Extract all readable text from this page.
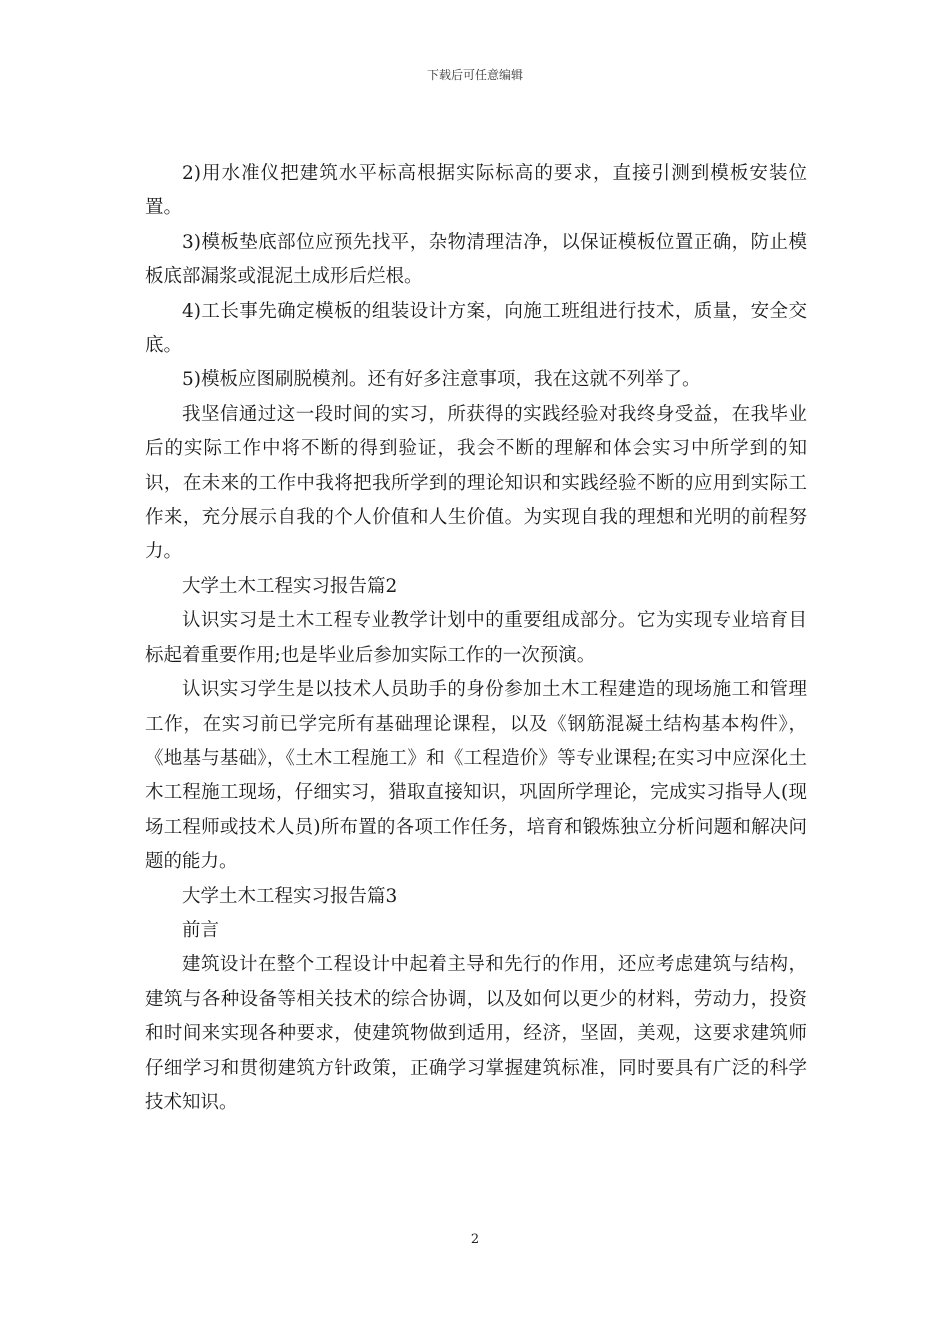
下载后可任意编辑

2)用水准仪把建筑水平标高根据实际标高的要求，直接引测到模板安装位置。

3)模板垫底部位应预先找平，杂物清理洁净，以保证模板位置正确，防止模板底部漏浆或混泥土成形后烂根。

4)工长事先确定模板的组装设计方案，向施工班组进行技术，质量，安全交底。

5)模板应图刷脱模剂。还有好多注意事项，我在这就不列举了。

我坚信通过这一段时间的实习，所获得的实践经验对我终身受益，在我毕业后的实际工作中将不断的得到验证，我会不断的理解和体会实习中所学到的知识，在未来的工作中我将把我所学到的理论知识和实践经验不断的应用到实际工作来，充分展示自我的个人价值和人生价值。为实现自我的理想和光明的前程努力。

大学土木工程实习报告篇2

认识实习是土木工程专业教学计划中的重要组成部分。它为实现专业培育目标起着重要作用;也是毕业后参加实际工作的一次预演。

认识实习学生是以技术人员助手的身份参加土木工程建造的现场施工和管理工作，在实习前已学完所有基础理论课程，以及《钢筋混凝土结构基本构件》，《地基与基础》，《土木工程施工》和《工程造价》等专业课程;在实习中应深化土木工程施工现场，仔细实习，猎取直接知识，巩固所学理论，完成实习指导人(现场工程师或技术人员)所布置的各项工作任务，培育和锻炼独立分析问题和解决问题的能力。

大学土木工程实习报告篇3

前言

建筑设计在整个工程设计中起着主导和先行的作用，还应考虑建筑与结构，建筑与各种设备等相关技术的综合协调，以及如何以更少的材料，劳动力，投资和时间来实现各种要求，使建筑物做到适用，经济，坚固，美观，这要求建筑师仔细学习和贯彻建筑方针政策，正确学习掌握建筑标准，同时要具有广泛的科学技术知识。

2
